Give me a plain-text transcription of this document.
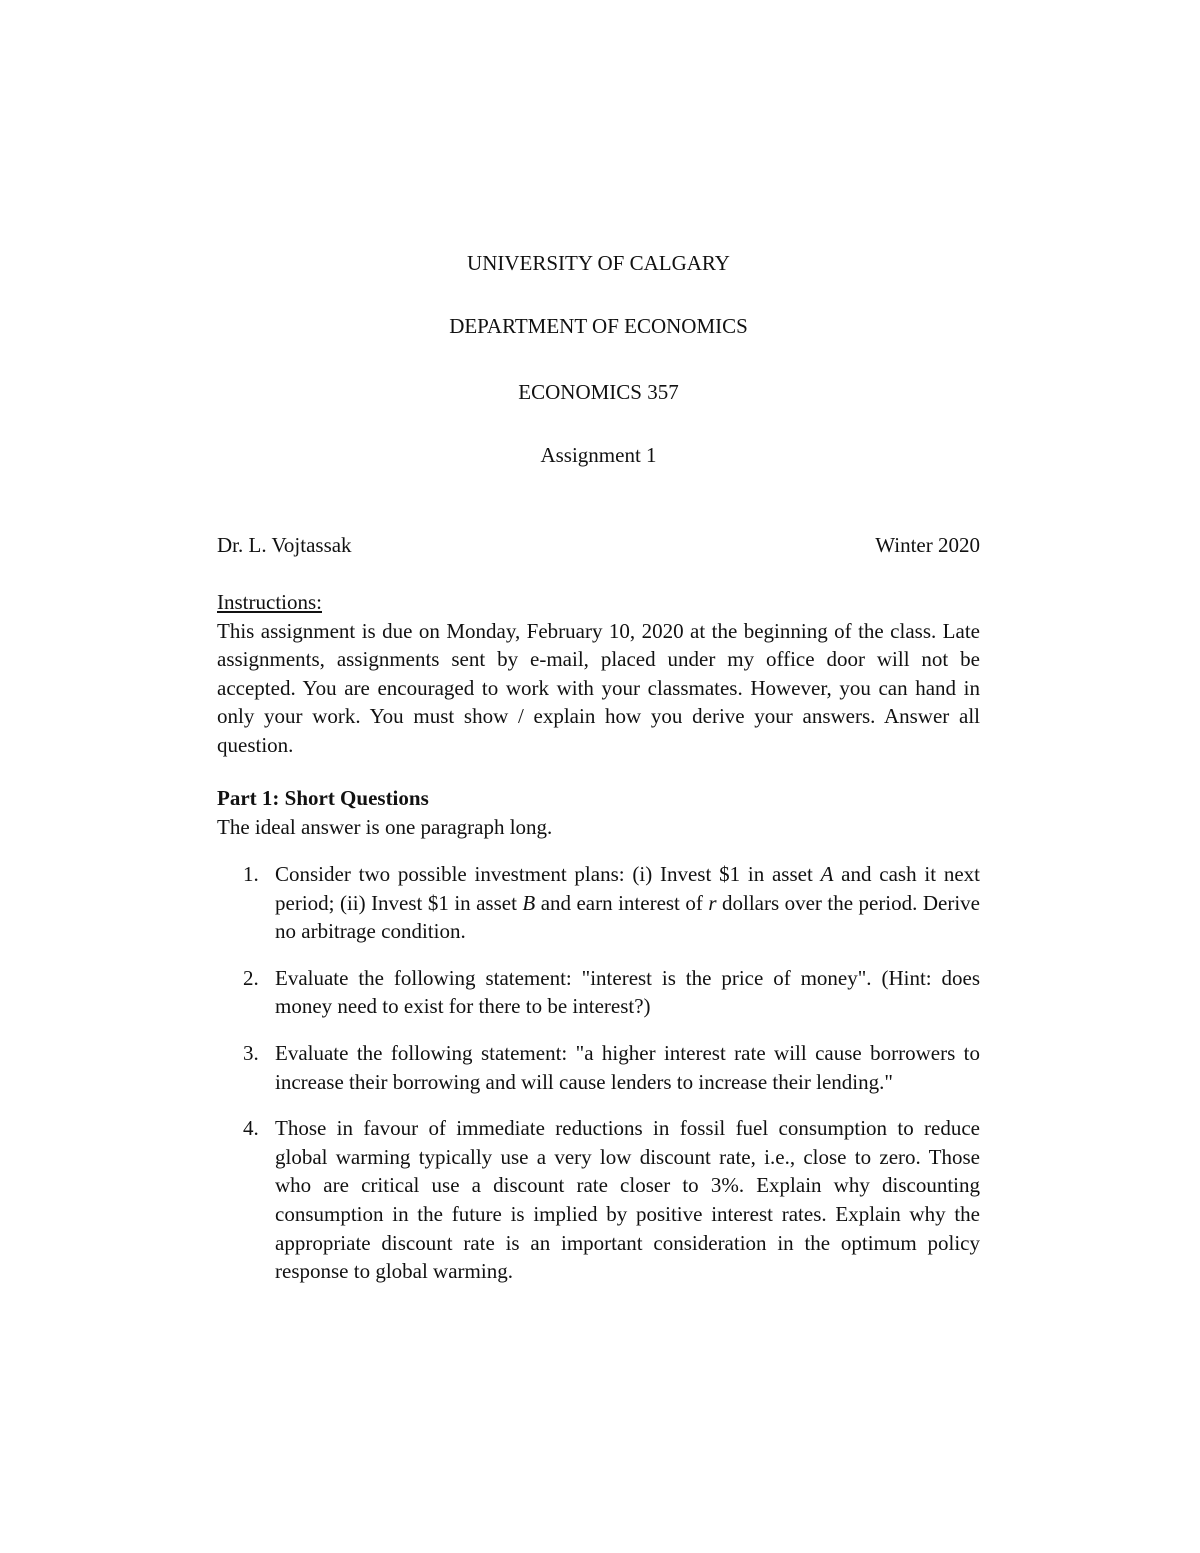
UNIVERSITY OF CALGARY
DEPARTMENT OF ECONOMICS
ECONOMICS 357
Assignment 1
Dr. L. Vojtassak	Winter 2020
Instructions:
This assignment is due on Monday, February 10, 2020 at the beginning of the class. Late assignments, assignments sent by e-mail, placed under my office door will not be accepted. You are encouraged to work with your classmates. However, you can hand in only your work. You must show / explain how you derive your answers. Answer all question.
Part 1: Short Questions
The ideal answer is one paragraph long.
1. Consider two possible investment plans: (i) Invest $1 in asset A and cash it next period; (ii) Invest $1 in asset B and earn interest of r dollars over the period. Derive no arbitrage condition.
2. Evaluate the following statement: "interest is the price of money". (Hint: does money need to exist for there to be interest?)
3. Evaluate the following statement: "a higher interest rate will cause borrowers to increase their borrowing and will cause lenders to increase their lending."
4. Those in favour of immediate reductions in fossil fuel consumption to reduce global warming typically use a very low discount rate, i.e., close to zero. Those who are critical use a discount rate closer to 3%. Explain why discounting consumption in the future is implied by positive interest rates. Explain why the appropriate discount rate is an important consideration in the optimum policy response to global warming.
